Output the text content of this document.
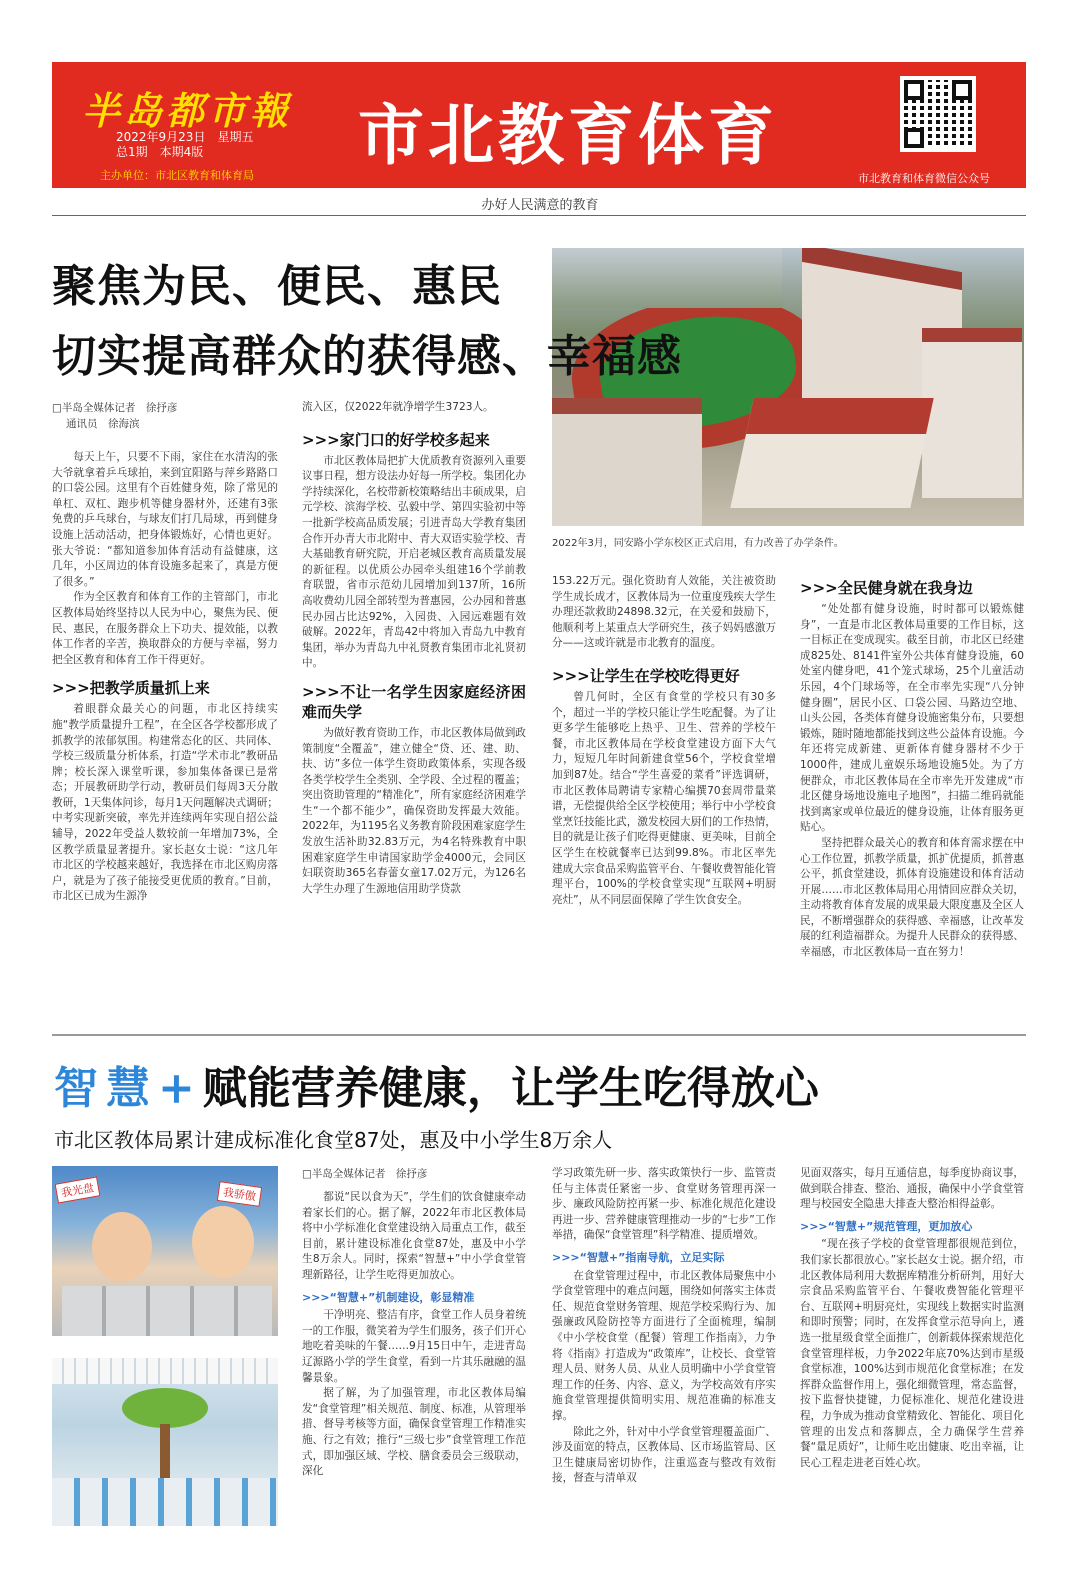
半岛都市報
2022年9月23日　星期五
总1期　本期4版
主办单位：市北区教育和体育局
市北教育体育
市北教育和体育微信公众号
办好人民满意的教育
聚焦为民、便民、惠民
切实提高群众的获得感、幸福感
2022年3月，同安路小学东校区正式启用，有力改善了办学条件。
□半岛全媒体记者　徐抒彦
通讯员　徐海滨

每天上午，只要不下雨，家住在水清沟的张大爷就拿着乒乓球拍，来到宜阳路与萍乡路路口的口袋公园。这里有个百姓健身苑，除了常见的单杠、双杠、跑步机等健身器材外，还建有3张免费的乒乓球台，与球友们打几局球，再到健身设施上活动活动，把身体锻炼好，心情也更好。张大爷说：“都知道参加体育活动有益健康，这几年，小区周边的体育设施多起来了，真是方便了很多。”

作为全区教育和体育工作的主管部门，市北区教体局始终坚持以人民为中心，聚焦为民、便民、惠民，在服务群众上下功夫、提效能，以教体工作者的辛苦，换取群众的方便与幸福，努力把全区教育和体育工作干得更好。

>>>把教学质量抓上来

着眼群众最关心的问题，市北区持续实施“教学质量提升工程”，在全区各学校都形成了抓教学的浓郁氛围。构建常态化的区、共同体、学校三级质量分析体系，打造“学术市北”教研品牌；校长深入课堂听课，参加集体备课已是常态；开展教研助学行动，教研员们每周3天分散教研，1天集体问诊，每月1天问题解决式调研；中考实现新突破，率先并连续两年实现自招公益辅导，2022年受益人数较前一年增加73%，全区教学质量显著提升。家长赵女士说：“这几年市北区的学校越来越好，我选择在市北区购房落户，就是为了孩子能接受更优质的教育。”目前，市北区已成为生源净

流入区，仅2022年就净增学生3723人。

>>>家门口的好学校多起来

市北区教体局把扩大优质教育资源列入重要议事日程，想方设法办好每一所学校。集团化办学持续深化，名校带新校策略结出丰硕成果，启元学校、滨海学校、弘毅中学、第四实验初中等一批新学校高品质发展；引进青岛大学教育集团合作开办青大市北附中、青大双语实验学校、青大基础教育研究院，开启老城区教育高质量发展的新征程。以优质公办园牵头组建16个学前教育联盟，省市示范幼儿园增加到137所，16所高收费幼儿园全部转型为普惠园，公办园和普惠民办园占比达92%，入园贵、入园远难题有效破解。2022年，青岛42中将加入青岛九中教育集团，举办为青岛九中礼贤教育集团市北礼贤初中。

>>>不让一名学生因家庭经济困难而失学

为做好教育资助工作，市北区教体局做到政策制度“全覆盖”，建立健全“贷、还、建、助、扶、访”多位一体学生资助政策体系，实现各级各类学校学生全类别、全学段、全过程的覆盖；突出资助管理的“精准化”，所有家庭经济困难学生“一个都不能少”，确保资助发挥最大效能。2022年，为1195名义务教育阶段困难家庭学生发放生活补助32.83万元，为4名特殊教育中职困难家庭学生申请国家助学金4000元，会同区妇联资助365名春蕾女童17.02万元，为126名大学生办理了生源地信用助学贷款

153.22万元。强化资助育人效能，关注被资助学生成长成才，区教体局为一位重度残疾大学生办理还款救助24898.32元，在关爱和鼓励下，他顺利考上某重点大学研究生，孩子妈妈感激万分——这或许就是市北教育的温度。

>>>让学生在学校吃得更好

曾几何时，全区有食堂的学校只有30多个，超过一半的学校只能让学生吃配餐。为了让更多学生能够吃上热乎、卫生、营养的学校午餐，市北区教体局在学校食堂建设方面下大气力，短短几年时间新建食堂56个，学校食堂增加到87处。结合“学生喜爱的菜肴”评选调研，市北区教体局聘请专家精心编撰70套周带量菜谱，无偿提供给全区学校使用；举行中小学校食堂烹饪技能比武，激发校园大厨们的工作热情，目的就是让孩子们吃得更健康、更美味，目前全区学生在校就餐率已达到99.8%。市北区率先建成大宗食品采购监管平台、午餐收费智能化管理平台，100%的学校食堂实现“互联网+明厨亮灶”，从不同层面保障了学生饮食安全。

>>>全民健身就在我身边

“处处都有健身设施，时时都可以锻炼健身”，一直是市北区教体局重要的工作目标，这一目标正在变成现实。截至目前，市北区已经建成825处、8141件室外公共体育健身设施，60处室内健身吧，41个笼式球场，25个儿童活动乐园，4个门球场等，在全市率先实现“八分钟健身圈”，居民小区、口袋公园、马路边空地、山头公园，各类体育健身设施密集分布，只要想锻炼，随时随地都能找到这些公益体育设施。今年还将完成新建、更新体育健身器材不少于1000件，建成儿童娱乐场地设施5处。为了方便群众，市北区教体局在全市率先开发建成“市北区健身场地设施电子地图”，扫描二维码就能找到离家或单位最近的健身设施，让体育服务更贴心。

坚持把群众最关心的教育和体育需求摆在中心工作位置，抓教学质量，抓扩优提质，抓普惠公平，抓食堂建设，抓体育设施建设和体育活动开展……市北区教体局用心用情回应群众关切，主动将教育体育发展的成果最大限度惠及全区人民，不断增强群众的获得感、幸福感，让改革发展的红利造福群众。为提升人民群众的获得感、幸福感，市北区教体局一直在努力！

智慧+赋能营养健康，让学生吃得放心
市北区教体局累计建成标准化食堂87处，惠及中小学生8万余人
我光盘	我骄傲
□半岛全媒体记者　徐抒彦

都说“民以食为天”，学生们的饮食健康牵动着家长们的心。据了解，2022年市北区教体局将中小学标准化食堂建设纳入局重点工作，截至目前，累计建设标准化食堂87处，惠及中小学生8万余人。同时，探索“智慧+”中小学食堂管理新路径，让学生吃得更加放心。

>>>“智慧+”机制建设，彰显精准

干净明亮、整洁有序，食堂工作人员身着统一的工作服，微笑着为学生们服务，孩子们开心地吃着美味的午餐……9月15日中午，走进青岛辽源路小学的学生食堂，看到一片其乐融融的温馨景象。

据了解，为了加强管理，市北区教体局编发“食堂管理”相关规范、制度、标准，从管理举措、督导考核等方面，确保食堂管理工作精准实施、行之有效；推行“三级七步”食堂管理工作范式，即加强区域、学校、膳食委员会三级联动，深化

学习政策先研一步、落实政策快行一步、监管责任与主体责任紧密一步、食堂财务管理再深一步、廉政风险防控再紧一步、标准化规范化建设再进一步、营养健康管理推动一步的“七步”工作举措，确保“食堂管理”科学精准、提质增效。

>>>“智慧+”指南导航，立足实际

在食堂管理过程中，市北区教体局聚焦中小学食堂管理中的难点问题，围绕如何落实主体责任、规范食堂财务管理、规范学校采购行为、加强廉政风险防控等方面进行了全面梳理，编制《中小学校食堂（配餐）管理工作指南》，力争将《指南》打造成为“政策库”，让校长、食堂管理人员、财务人员、从业人员明确中小学食堂管理工作的任务、内容、意义，为学校高效有序实施食堂管理提供简明实用、规范准确的标准支撑。

除此之外，针对中小学食堂管理覆盖面广、涉及面宽的特点，区教体局、区市场监管局、区卫生健康局密切协作，注重巡查与整改有效衔接，督查与清单双

见面双落实，每月互通信息，每季度协商议事，做到联合排查、整治、通报，确保中小学食堂管理与校园安全隐患大排查大整治相得益彰。

>>>“智慧+”规范管理，更加放心

“现在孩子学校的食堂管理都很规范到位，我们家长都很放心。”家长赵女士说。据介绍，市北区教体局利用大数据库精准分析研判，用好大宗食品采购监管平台、午餐收费智能化管理平台、互联网+明厨亮灶，实现线上数据实时监测和即时预警；同时，在发挥食堂示范导向上，遴选一批星级食堂全面推广，创新载体探索规范化食堂管理样板，力争2022年底70%达到市星级食堂标准，100%达到市规范化食堂标准；在发挥群众监督作用上，强化细微管理，常态监督，按下监督快捷键，力促标准化、规范化建设进程，力争成为推动食堂精致化、智能化、项目化管理的出发点和落脚点，全力确保学生营养餐“量足质好”，让师生吃出健康、吃出幸福，让民心工程走进老百姓心坎。
